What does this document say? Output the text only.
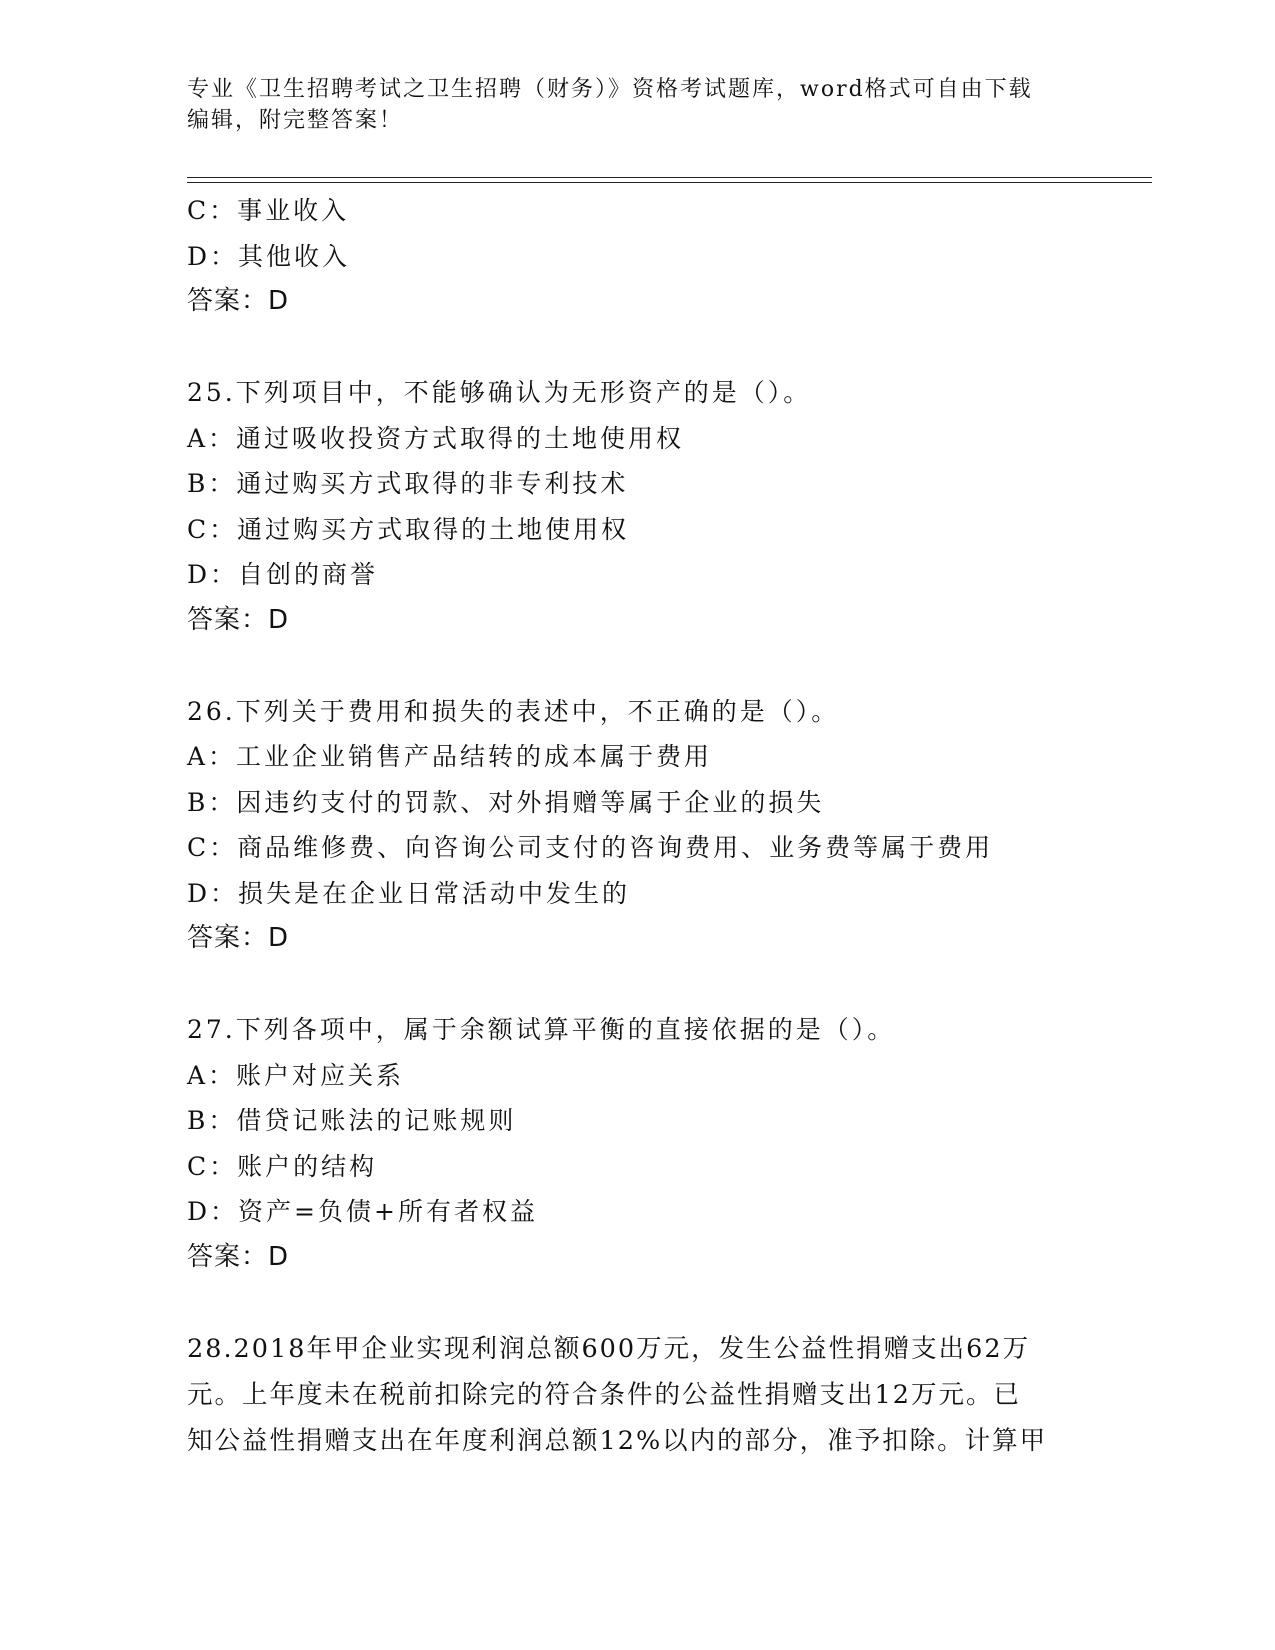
专业《卫生招聘考试之卫生招聘（财务）》资格考试题库，word格式可自由下载
编辑，附完整答案！
C：事业收入
D：其他收入
答案：D
25.下列项目中，不能够确认为无形资产的是（）。
A：通过吸收投资方式取得的土地使用权
B：通过购买方式取得的非专利技术
C：通过购买方式取得的土地使用权
D：自创的商誉
答案：D
26.下列关于费用和损失的表述中，不正确的是（）。
A：工业企业销售产品结转的成本属于费用
B：因违约支付的罚款、对外捐赠等属于企业的损失
C：商品维修费、向咨询公司支付的咨询费用、业务费等属于费用
D：损失是在企业日常活动中发生的
答案：D
27.下列各项中，属于余额试算平衡的直接依据的是（）。
A：账户对应关系
B：借贷记账法的记账规则
C：账户的结构
D：资产=负债+所有者权益
答案：D
28.2018年甲企业实现利润总额600万元，发生公益性捐赠支出62万
元。上年度未在税前扣除完的符合条件的公益性捐赠支出12万元。已
知公益性捐赠支出在年度利润总额12%以内的部分，准予扣除。计算甲
